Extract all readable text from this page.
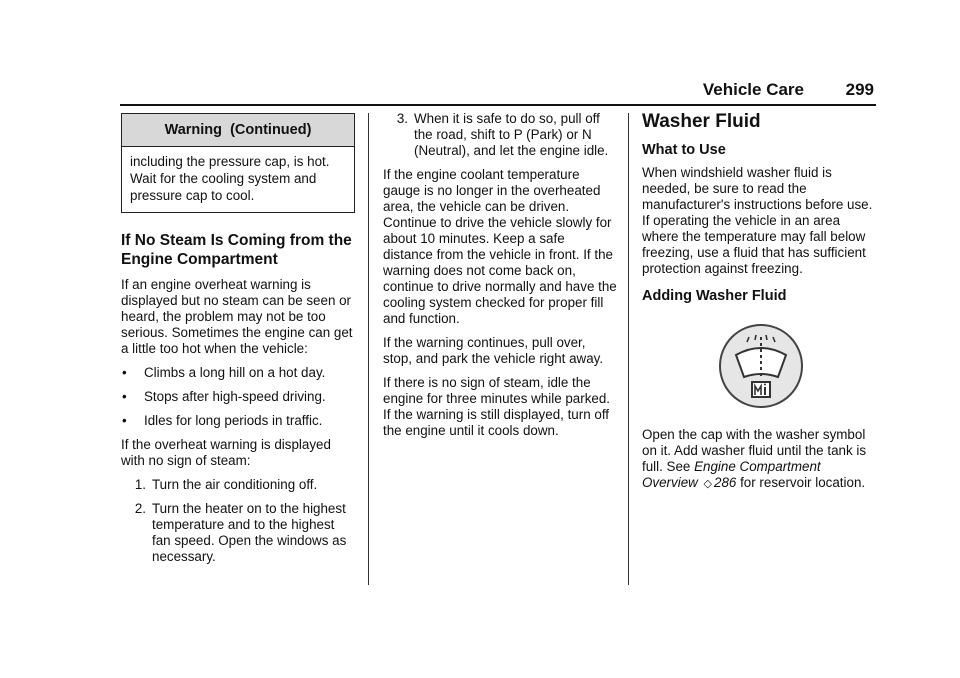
Vehicle Care 299
Warning  (Continued)
including the pressure cap, is hot. Wait for the cooling system and pressure cap to cool.
If No Steam Is Coming from the Engine Compartment

If an engine overheat warning is displayed but no steam can be seen or heard, the problem may not be too serious. Sometimes the engine can get a little too hot when the vehicle:

•	Climbs a long hill on a hot day.
•	Stops after high-speed driving.
•	Idles for long periods in traffic.

If the overheat warning is displayed with no sign of steam:

1. Turn the air conditioning off.
2. Turn the heater on to the highest temperature and to the highest fan speed. Open the windows as necessary.
3. When it is safe to do so, pull off the road, shift to P (Park) or N (Neutral), and let the engine idle.

If the engine coolant temperature gauge is no longer in the overheated area, the vehicle can be driven. Continue to drive the vehicle slowly for about 10 minutes. Keep a safe distance from the vehicle in front. If the warning does not come back on, continue to drive normally and have the cooling system checked for proper fill and function.

If the warning continues, pull over, stop, and park the vehicle right away.

If there is no sign of steam, idle the engine for three minutes while parked. If the warning is still displayed, turn off the engine until it cools down.

Washer Fluid
What to Use

When windshield washer fluid is needed, be sure to read the manufacturer's instructions before use. If operating the vehicle in an area where the temperature may fall below freezing, use a fluid that has sufficient protection against freezing.

Adding Washer Fluid

Open the cap with the washer symbol on it. Add washer fluid until the tank is full. See Engine Compartment Overview ◇ 286 for reservoir location.
